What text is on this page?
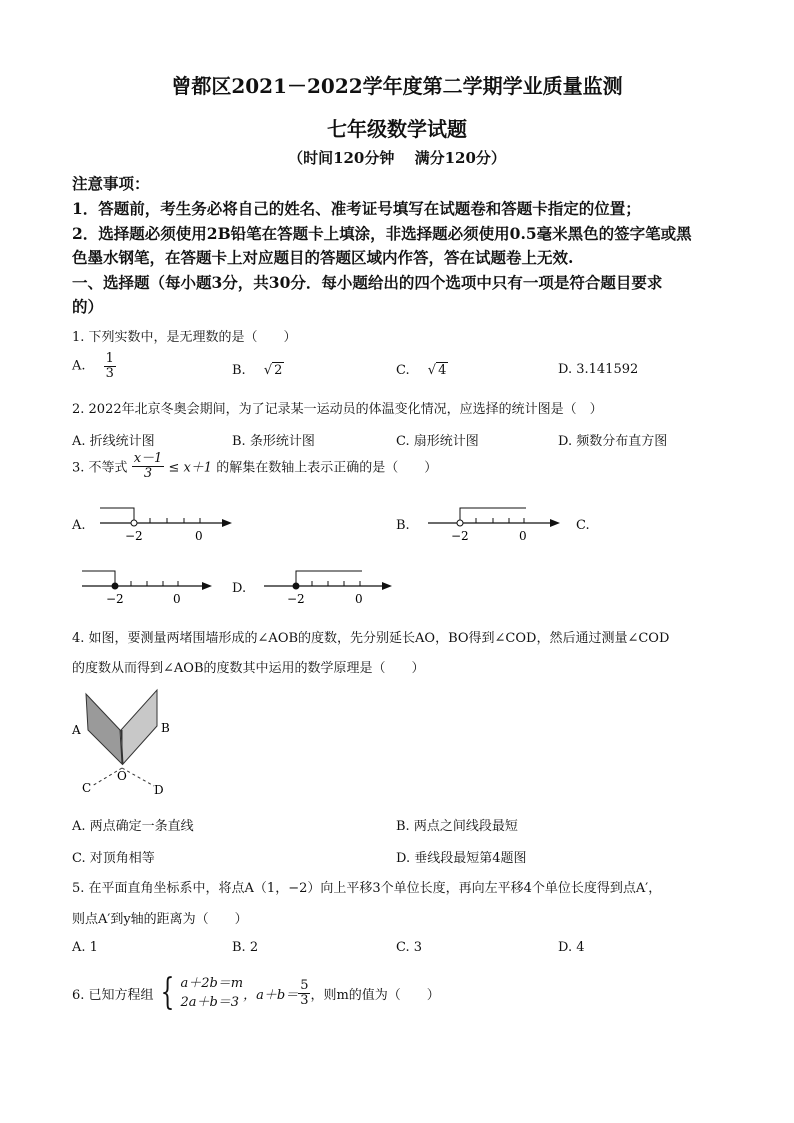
曾都区2021－2022学年度第二学期学业质量监测
七年级数学试题
（时间120分钟　 满分120分）
注意事项：
1．答题前，考生务必将自己的姓名、准考证号填写在试题卷和答题卡指定的位置；
2．选择题必须使用2B铅笔在答题卡上填涂，非选择题必须使用0.5毫米黑色的签字笔或黑
色墨水钢笔，在答题卡上对应题目的答题区域内作答，答在试题卷上无效.
一、选择题（每小题3分，共30分．每小题给出的四个选项中只有一项是符合题目要求
的）
1. 下列实数中，是无理数的是（　　）
A. $\frac{1}{3}$	B. √ 2	C. √ 4	D. 3.141592
2. 2022年北京冬奥会期间，为了记录某一运动员的体温变化情况，应选择的统计图是（　）
A. 折线统计图	B. 条形统计图	C. 扇形统计图	D. 频数分布直方图
3. 不等式 $\frac{x-1}{3} \le x+1$ 的解集在数轴上表示正确的是（　　）
A.
−2	0
B.
−2	0
C.
−2	0
D.
−2	0
4. 如图，要测量两堵围墙形成的∠AOB的度数，先分别延长AO，BO得到∠COD，然后通过测量∠COD
的度数从而得到∠AOB的度数其中运用的数学原理是（　　）
A	B
C
O
D
A. 两点确定一条直线	B. 两点之间线段最短
C. 对顶角相等	D. 垂线段最短第4题图
5. 在平面直角坐标系中，将点A（1，−2）向上平移3个单位长度，再向左平移4个单位长度得到点A′，
则点A′到y轴的距离为（　　）
A. 1	B. 2	C. 3	D. 4
6. 已知方程组 { a＋2b＝m
2a＋b＝3 ，$a+b= \frac{5}{3}$ ，则m的值为（　　）
